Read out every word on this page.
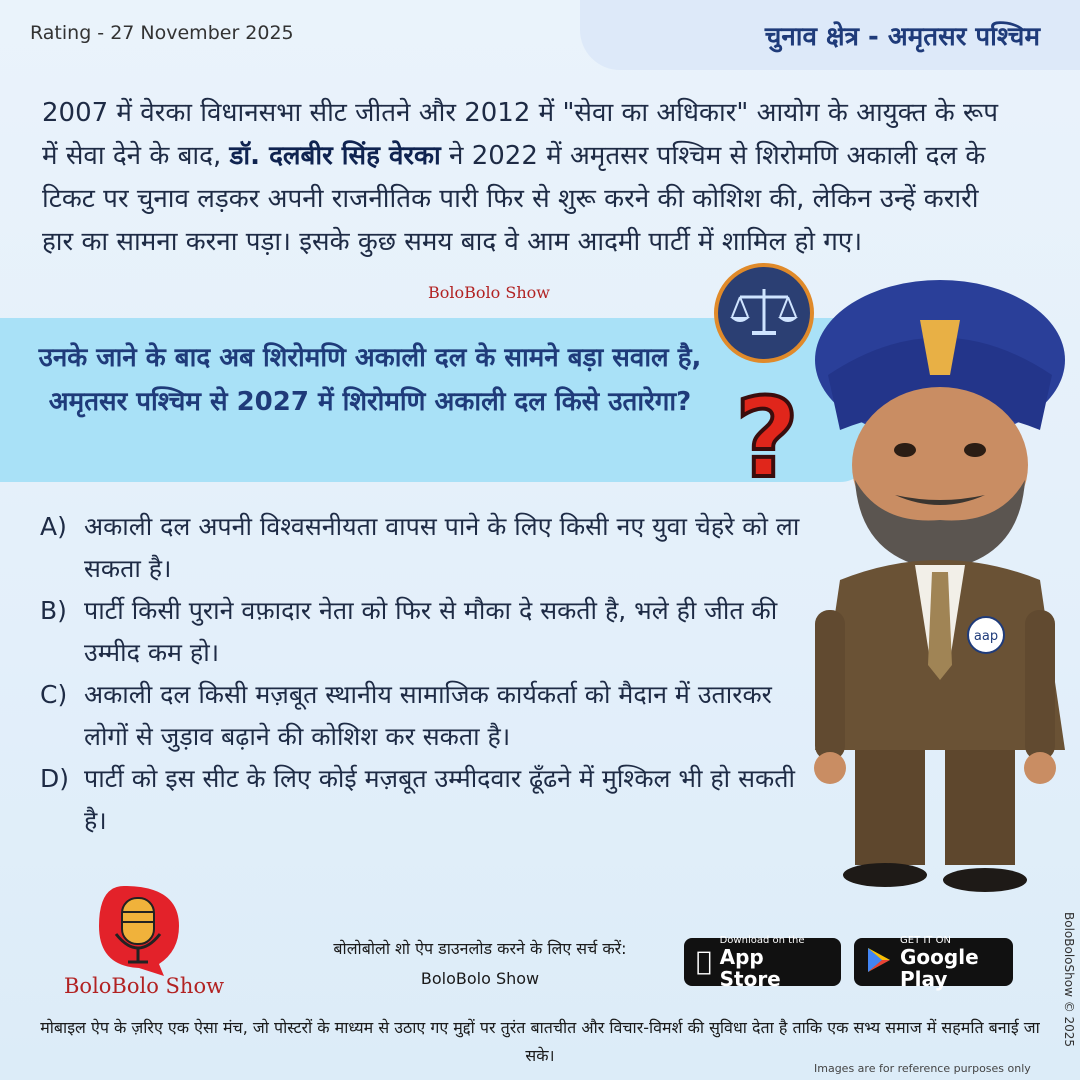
Rating - 27 November 2025	चुनाव क्षेत्र - अमृतसर पश्चिम
2007 में वेरका विधानसभा सीट जीतने और 2012 में "सेवा का अधिकार" आयोग के आयुक्त के रूप में सेवा देने के बाद, डॉ. दलबीर सिंह वेरका ने 2022 में अमृतसर पश्चिम से शिरोमणि अकाली दल के टिकट पर चुनाव लड़कर अपनी राजनीतिक पारी फिर से शुरू करने की कोशिश की, लेकिन उन्हें करारी हार का सामना करना पड़ा। इसके कुछ समय बाद वे आम आदमी पार्टी में शामिल हो गए।
BoloBolo Show
उनके जाने के बाद अब शिरोमणि अकाली दल के सामने बड़ा सवाल है, अमृतसर पश्चिम से 2027 में शिरोमणि अकाली दल किसे उतारेगा? ?
A) अकाली दल अपनी विश्वसनीयता वापस पाने के लिए किसी नए युवा चेहरे को ला सकता है।
B) पार्टी किसी पुराने वफ़ादार नेता को फिर से मौका दे सकती है, भले ही जीत की उम्मीद कम हो।
C) अकाली दल किसी मज़बूत स्थानीय सामाजिक कार्यकर्ता को मैदान में उतारकर लोगों से जुड़ाव बढ़ाने की कोशिश कर सकता है।
D) पार्टी को इस सीट के लिए कोई मज़बूत उम्मीदवार ढूँढने में मुश्किल भी हो सकती है।
aap
BoloBolo Show
बोलोबोलो शो ऐप डाउनलोड करने के लिए सर्च करें:
BoloBolo Show
Download on the
App Store
GET IT ON
Google Play
मोबाइल ऐप के ज़रिए एक ऐसा मंच, जो पोस्टरों के माध्यम से उठाए गए मुद्दों पर तुरंत बातचीत और विचार-विमर्श की सुविधा देता है ताकि एक सभ्य समाज में सहमति बनाई जा सके।
BoloBoloShow © 2025
Images are for reference purposes only
